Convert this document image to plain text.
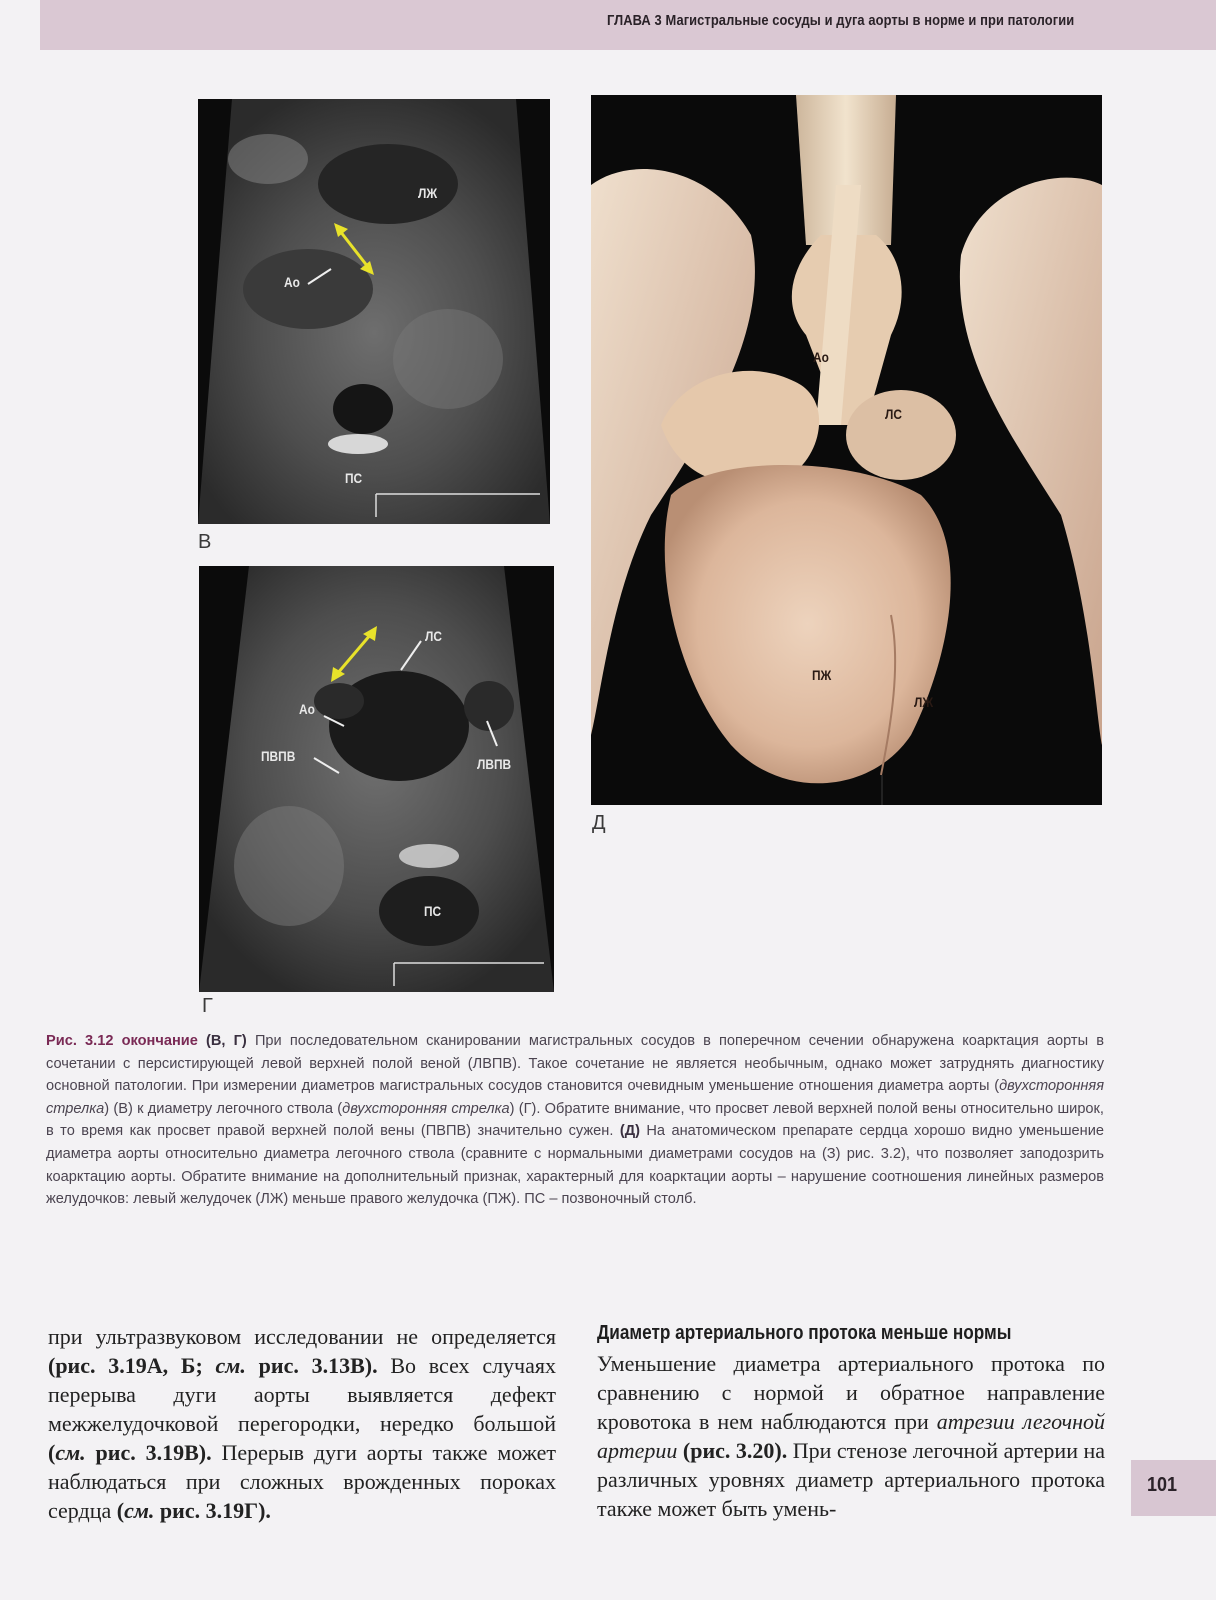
ГЛАВА 3 Магистральные сосуды и дуга аорты в норме и при патологии
ЛЖ
Ао
ПС
В
ЛС
Ао
ПВПВ	ЛВПВ
ПС
Г
Ао
ЛС
ПЖ
ЛЖ
Д
Рис. 3.12 окончание (В, Г) При последовательном сканировании магистральных сосудов в поперечном сечении обнаружена коарктация аорты в сочетании с персистирующей левой верхней полой веной (ЛВПВ). Такое сочетание не является необычным, однако может затруднять диагностику основной патологии. При измерении диаметров магистральных сосудов становится очевидным уменьшение отношения диаметра аорты (двухсторонняя стрелка) (В) к диаметру легочного ствола (двухсторонняя стрелка) (Г). Обратите внимание, что просвет левой верхней полой вены относительно широк, в то время как просвет правой верхней полой вены (ПВПВ) значительно сужен. (Д) На анатомическом препарате сердца хорошо видно уменьшение диаметра аорты относительно диаметра легочного ствола (сравните с нормальными диаметрами сосудов на (З) рис. 3.2), что позволяет заподозрить коарктацию аорты. Обратите внимание на дополнительный признак, характерный для коарктации аорты – нарушение соотношения линейных размеров желудочков: левый желудочек (ЛЖ) меньше правого желудочка (ПЖ). ПС – позвоночный столб.
при ультразвуковом исследовании не определяется (рис. 3.19А, Б; см. рис. 3.13В). Во всех случаях перерыва дуги аорты выявляется дефект межжелудочковой перегородки, нередко большой (см. рис. 3.19В). Перерыв дуги аорты также может наблюдаться при сложных врожденных пороках сердца (см. рис. 3.19Г).
Диаметр артериального протока меньше нормы
Уменьшение диаметра артериального протока по сравнению с нормой и обратное направление кровотока в нем наблюдаются при атрезии легочной артерии (рис. 3.20). При стенозе легочной артерии на различных уровнях диаметр артериального протока также может быть умень-
101
